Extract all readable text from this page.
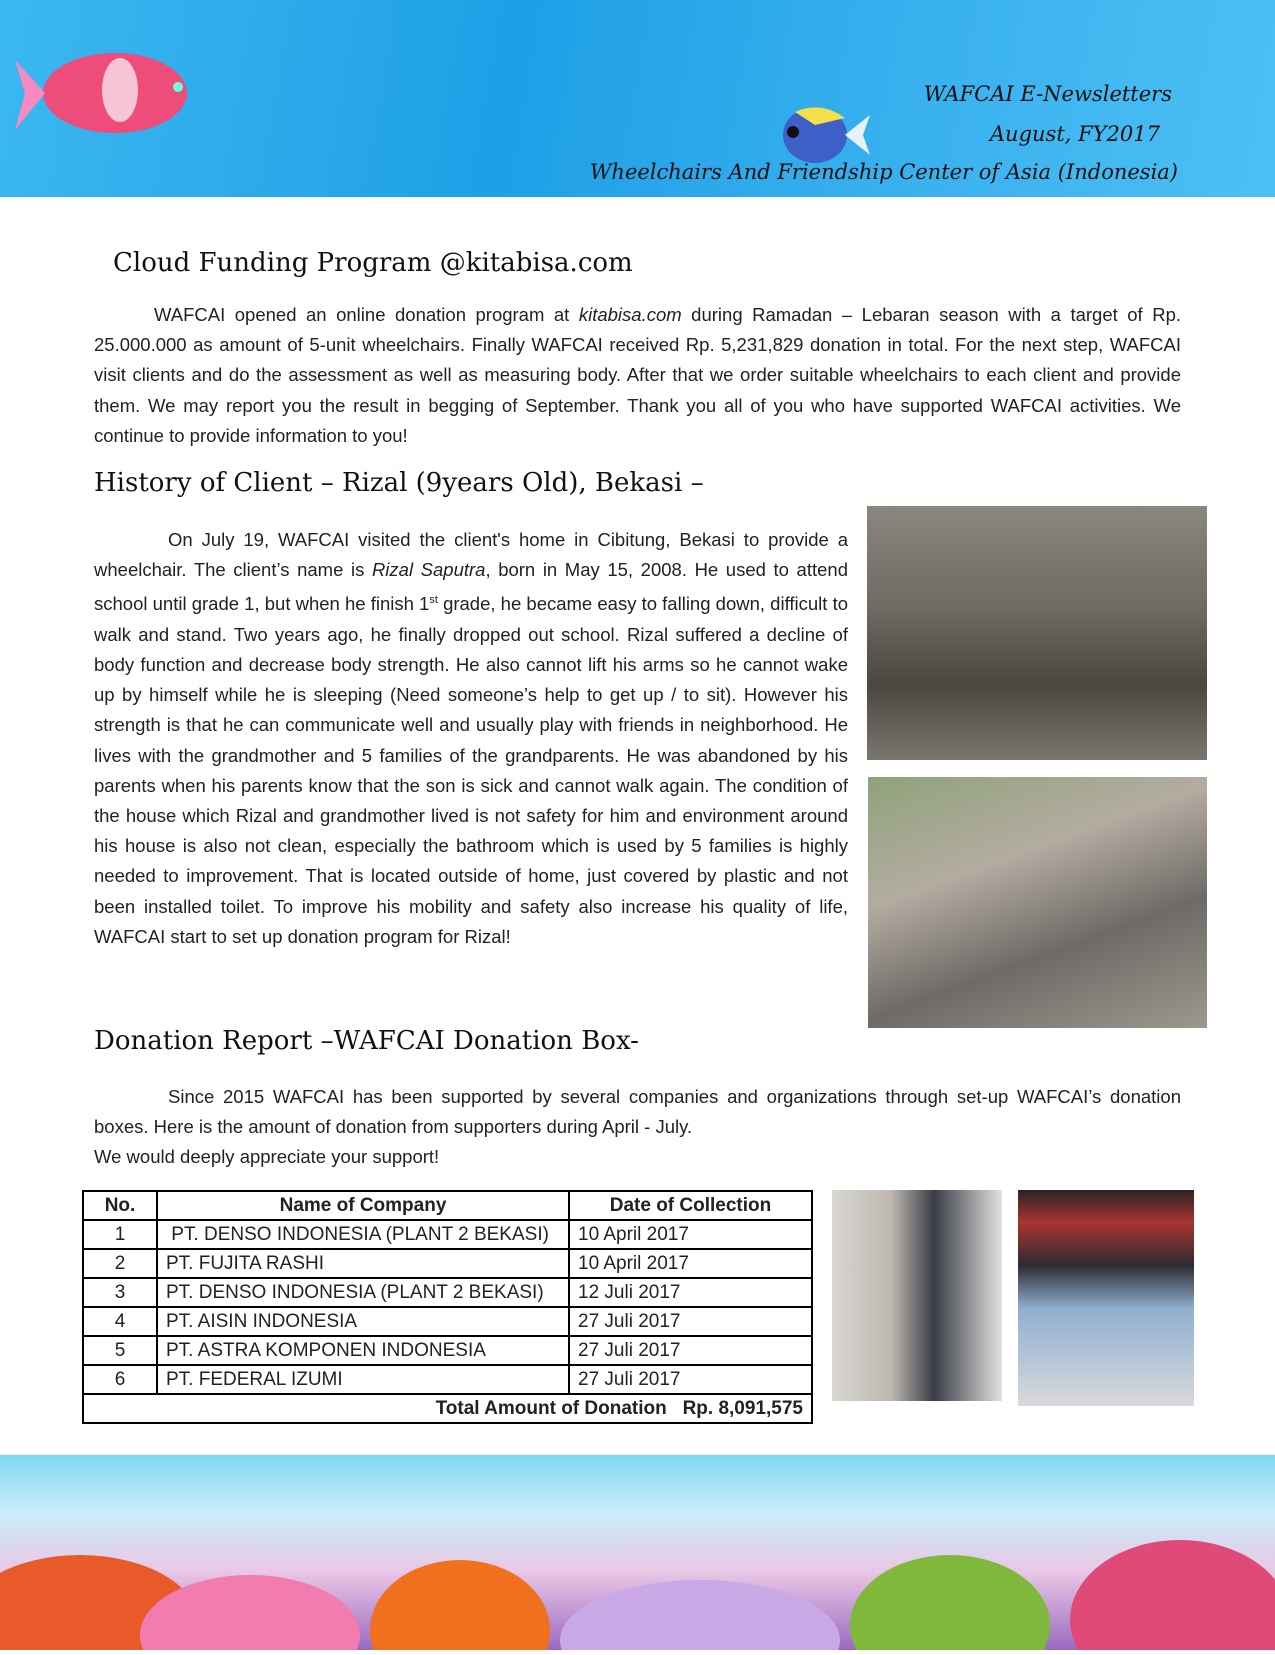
WAFCAI E-Newsletters
August, FY2017
Wheelchairs And Friendship Center of Asia (Indonesia)
Cloud Funding Program @kitabisa.com
WAFCAI opened an online donation program at kitabisa.com during Ramadan – Lebaran season with a target of Rp. 25.000.000 as amount of 5-unit wheelchairs. Finally WAFCAI received Rp. 5,231,829 donation in total. For the next step, WAFCAI visit clients and do the assessment as well as measuring body. After that we order suitable wheelchairs to each client and provide them. We may report you the result in begging of September. Thank you all of you who have supported WAFCAI activities. We continue to provide information to you!
History of Client – Rizal (9years Old), Bekasi –
On July 19, WAFCAI visited the client's home in Cibitung, Bekasi to provide a wheelchair. The client’s name is Rizal Saputra, born in May 15, 2008. He used to attend school until grade 1, but when he finish 1st grade, he became easy to falling down, difficult to walk and stand. Two years ago, he finally dropped out school. Rizal suffered a decline of body function and decrease body strength. He also cannot lift his arms so he cannot wake up by himself while he is sleeping (Need someone’s help to get up / to sit). However his strength is that he can communicate well and usually play with friends in neighborhood. He lives with the grandmother and 5 families of the grandparents. He was abandoned by his parents when his parents know that the son is sick and cannot walk again. The condition of the house which Rizal and grandmother lived is not safety for him and environment around his house is also not clean, especially the bathroom which is used by 5 families is highly needed to improvement. That is located outside of home, just covered by plastic and not been installed toilet. To improve his mobility and safety also increase his quality of life, WAFCAI start to set up donation program for Rizal!
Donation Report –WAFCAI Donation Box-
Since 2015 WAFCAI has been supported by several companies and organizations through set-up WAFCAI’s donation boxes. Here is the amount of donation from supporters during April - July.
We would deeply appreciate your support!
No.	Name of Company	Date of Collection
1	PT. DENSO INDONESIA (PLANT 2 BEKASI)	10 April 2017
2	PT. FUJITA RASHI	10 April 2017
3	PT. DENSO INDONESIA (PLANT 2 BEKASI)	12 Juli 2017
4	PT. AISIN INDONESIA	27 Juli 2017
5	PT. ASTRA KOMPONEN INDONESIA	27 Juli 2017
6	PT. FEDERAL IZUMI	27 Juli 2017
Total Amount of Donation Rp. 8,091,575		
